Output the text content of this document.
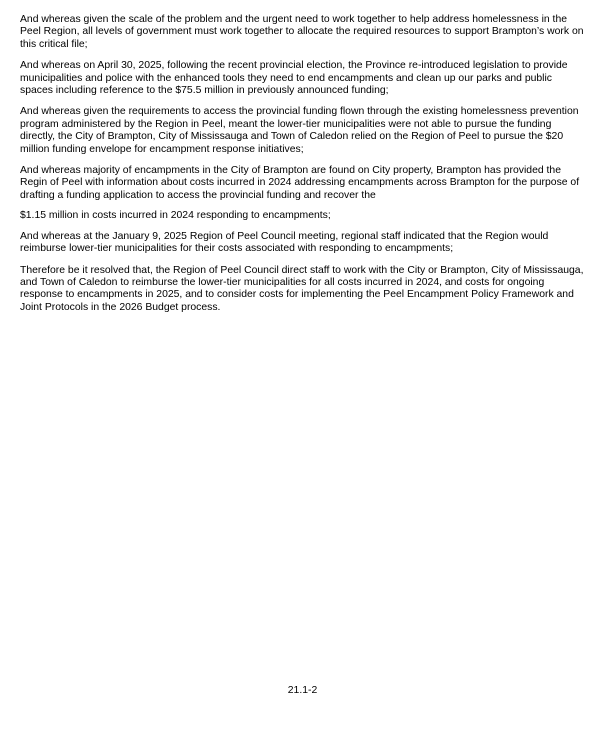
And whereas given the scale of the problem and the urgent need to work together to help address homelessness in the Peel Region, all levels of government must work together to allocate the required resources to support Brampton’s work on this critical file;

And whereas on April 30, 2025, following the recent provincial election, the Province re-introduced legislation to provide municipalities and police with the enhanced tools they need to end encampments and clean up our parks and public spaces including reference to the $75.5 million in previously announced funding;

And whereas given the requirements to access the provincial funding flown through the existing homelessness prevention program administered by the Region in Peel, meant the lower-tier municipalities were not able to pursue the funding directly, the City of Brampton, City of Mississauga and Town of Caledon relied on the Region of Peel to pursue the $20 million funding envelope for encampment response initiatives;

And whereas majority of encampments in the City of Brampton are found on City property, Brampton has provided the Regin of Peel with information about costs incurred in 2024 addressing encampments across Brampton for the purpose of drafting a funding application to access the provincial funding and recover the

$1.15 million in costs incurred in 2024 responding to encampments;

And whereas at the January 9, 2025 Region of Peel Council meeting, regional staff indicated that the Region would reimburse lower-tier municipalities for their costs associated with responding to encampments;

Therefore be it resolved that, the Region of Peel Council direct staff to work with the City or Brampton, City of Mississauga, and Town of Caledon to reimburse the lower-tier municipalities for all costs incurred in 2024, and costs for ongoing response to encampments in 2025, and to consider costs for implementing the Peel Encampment Policy Framework and Joint Protocols in the 2026 Budget process.

21.1-2
